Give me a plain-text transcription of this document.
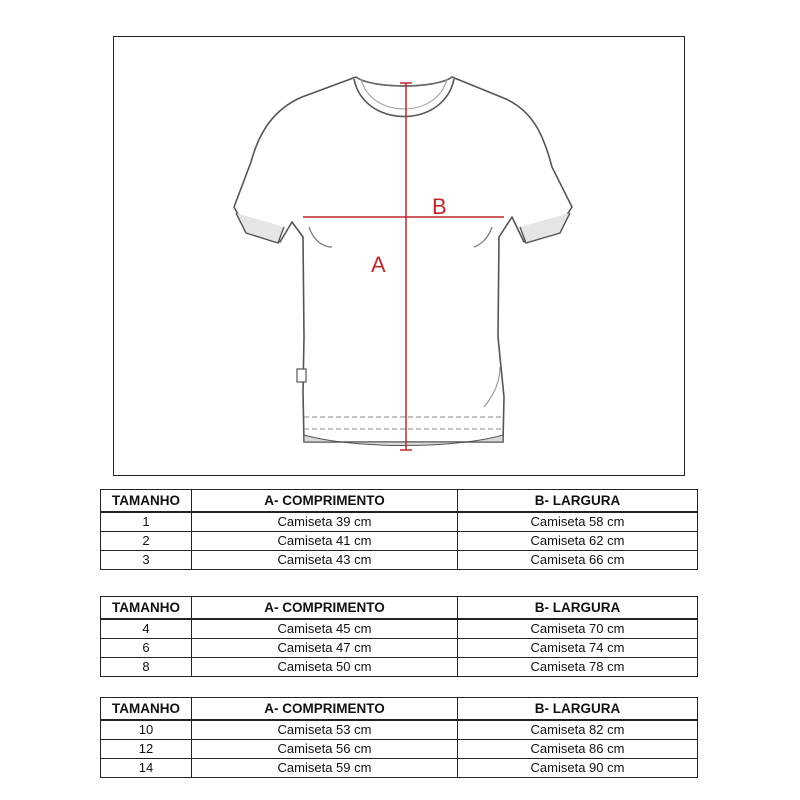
A
B
TAMANHO	A- COMPRIMENTO	B- LARGURA
1	Camiseta 39 cm	Camiseta 58 cm
2	Camiseta 41 cm	Camiseta 62 cm
3	Camiseta 43 cm	Camiseta 66 cm
TAMANHO	A- COMPRIMENTO	B- LARGURA
4	Camiseta 45 cm	Camiseta 70 cm
6	Camiseta 47 cm	Camiseta 74 cm
8	Camiseta 50 cm	Camiseta 78 cm
TAMANHO	A- COMPRIMENTO	B- LARGURA
10	Camiseta 53 cm	Camiseta 82 cm
12	Camiseta 56 cm	Camiseta 86 cm
14	Camiseta 59 cm	Camiseta 90 cm
